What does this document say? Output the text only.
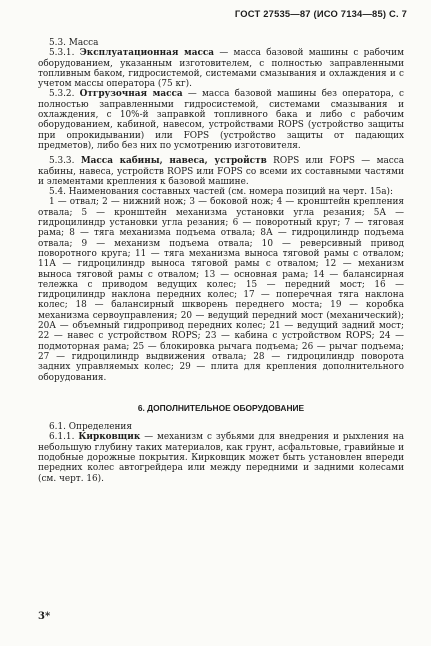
ГОСТ 27535—87 (ИСО 7134—85) С. 7

5.3. Масса

5.3.1. Эксплуатационная масса — масса базовой машины с рабочим оборудованием, указанным изготовителем, с полностью заправленными топливным баком, гидросистемой, системами смазывания и охлаждения и с учетом массы оператора (75 кг).

5.3.2. Отгрузочная масса — масса базовой машины без оператора, с полностью заправленными гидросистемой, системами смазывания и охлаждения, с 10%-й заправкой топливного бака и либо с рабочим оборудованием, кабиной, навесом, устройствами ROPS (устройство защиты при опрокидывании) или FOPS (устройство защиты от падающих предметов), либо без них по усмотрению изготовителя.

5.3.3. Масса кабины, навеса, устройств ROPS или FOPS — масса кабины, навеса, устройств ROPS или FOPS со всеми их составными частями и элементами крепления к базовой машине.

5.4. Наименования составных частей (см. номера позиций на черт. 15а):

1 — отвал; 2 — нижний нож; 3 — боковой нож; 4 — кронштейн крепления отвала; 5 — кронштейн механизма установки угла резания; 5А — гидроцилиндр установки угла резания; 6 — поворотный круг; 7 — тяговая рама; 8 — тяга механизма подъема отвала; 8А — гидроцилиндр подъема отвала; 9 — механизм подъема отвала; 10 — реверсивный привод поворотного круга; 11 — тяга механизма выноса тяговой рамы с отвалом; 11А — гидроцилиндр выноса тяговой рамы с отвалом; 12 — механизм выноса тяговой рамы с отвалом; 13 — основная рама; 14 — балансирная тележка с приводом ведущих колес; 15 — передний мост; 16 — гидроцилиндр наклона передних колес; 17 — поперечная тяга наклона колес; 18 — балансирный шкворень переднего моста; 19 — коробка механизма сервоуправления; 20 — ведущий передний мост (механический); 20А — объемный гидропривод передних колес; 21 — ведущий задний мост; 22 — навес с устройством ROPS; 23 — кабина с устройством ROPS; 24 — подмоторная рама; 25 — блокировка рычага подъема; 26 — рычаг подъема; 27 — гидроцилиндр выдвижения отвала; 28 — гидроцилиндр поворота задних управляемых колес; 29 — плита для крепления дополнительного оборудования.

6. ДОПОЛНИТЕЛЬНОЕ ОБОРУДОВАНИЕ

6.1. Определения

6.1.1. Кирковщик — механизм с зубьями для внедрения и рыхления на небольшую глубину таких материалов, как грунт, асфальтовые, гравийные и подобные дорожные покрытия. Кирковщик может быть установлен впереди передних колес автогрейдера или между передними и задними колесами (см. черт. 16).

3*
